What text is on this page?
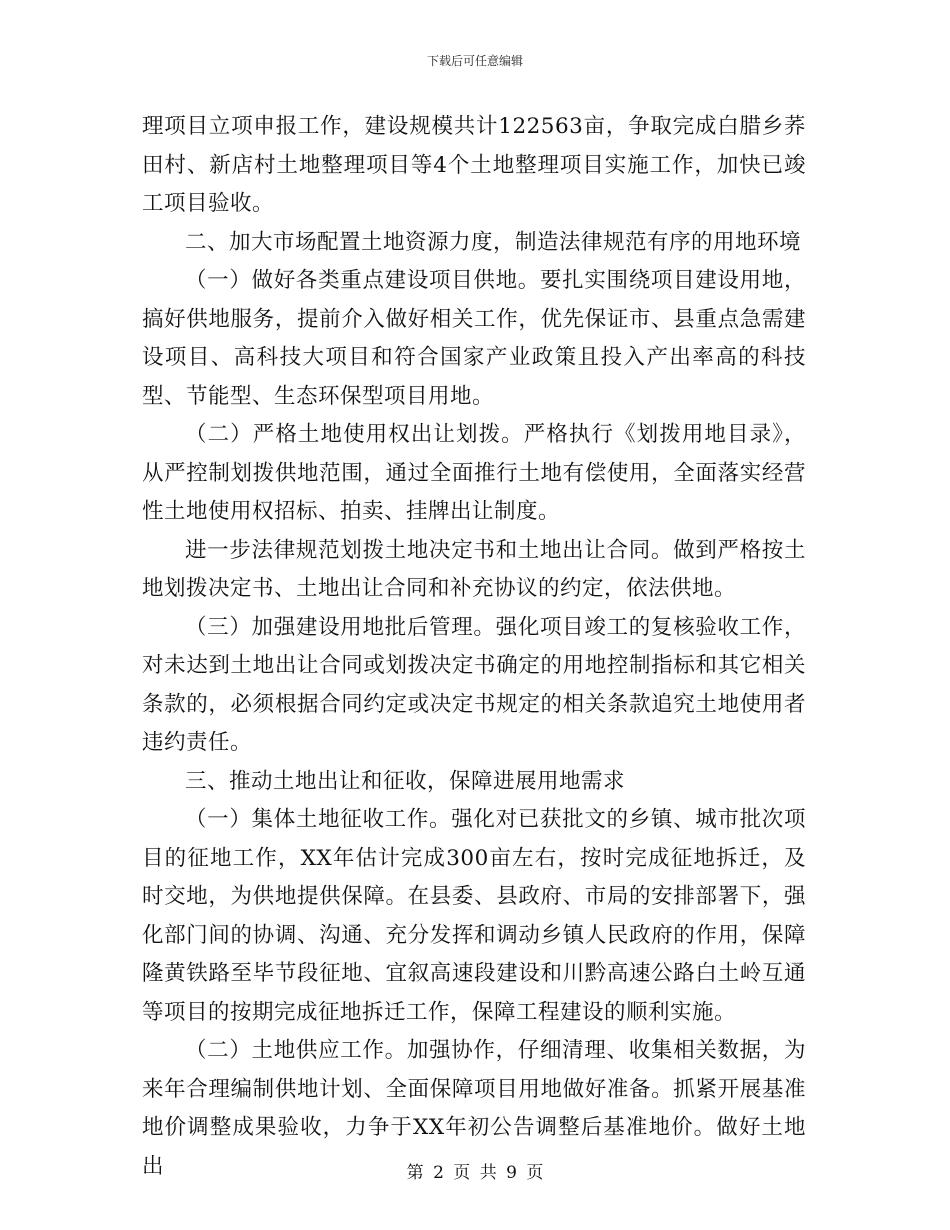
下载后可任意编辑

理项目立项申报工作，建设规模共计122563亩，争取完成白腊乡荞田村、新店村土地整理项目等4个土地整理项目实施工作，加快已竣工项目验收。

二、加大市场配置土地资源力度，制造法律规范有序的用地环境

（一）做好各类重点建设项目供地。要扎实围绕项目建设用地，搞好供地服务，提前介入做好相关工作，优先保证市、县重点急需建设项目、高科技大项目和符合国家产业政策且投入产出率高的科技型、节能型、生态环保型项目用地。

（二）严格土地使用权出让划拨。严格执行《划拨用地目录》，从严控制划拨供地范围，通过全面推行土地有偿使用，全面落实经营性土地使用权招标、拍卖、挂牌出让制度。

进一步法律规范划拨土地决定书和土地出让合同。做到严格按土地划拨决定书、土地出让合同和补充协议的约定，依法供地。

（三）加强建设用地批后管理。强化项目竣工的复核验收工作，对未达到土地出让合同或划拨决定书确定的用地控制指标和其它相关条款的，必须根据合同约定或决定书规定的相关条款追究土地使用者违约责任。

三、推动土地出让和征收，保障进展用地需求

（一）集体土地征收工作。强化对已获批文的乡镇、城市批次项目的征地工作，XX年估计完成300亩左右，按时完成征地拆迁，及时交地，为供地提供保障。在县委、县政府、市局的安排部署下，强化部门间的协调、沟通、充分发挥和调动乡镇人民政府的作用，保障隆黄铁路至毕节段征地、宜叙高速段建设和川黔高速公路白土岭互通等项目的按期完成征地拆迁工作，保障工程建设的顺利实施。

（二）土地供应工作。加强协作，仔细清理、收集相关数据，为来年合理编制供地计划、全面保障项目用地做好准备。抓紧开展基准地价调整成果验收，力争于XX年初公告调整后基准地价。做好土地出	第 2 页 共 9 页
